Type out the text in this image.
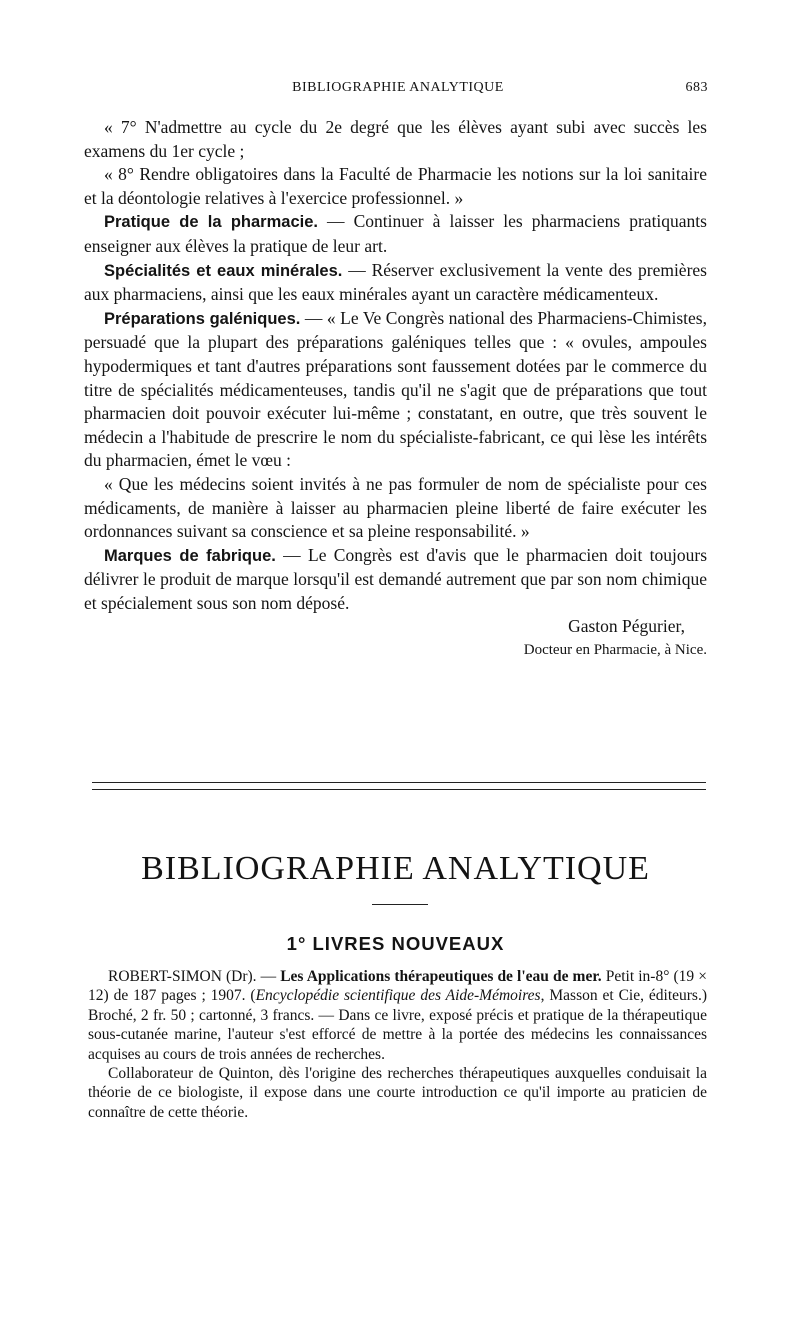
BIBLIOGRAPHIE ANALYTIQUE	683

« 7° N'admettre au cycle du 2e degré que les élèves ayant subi avec succès les examens du 1er cycle ;

« 8° Rendre obligatoires dans la Faculté de Pharmacie les notions sur la loi sanitaire et la déontologie relatives à l'exercice professionnel. »

Pratique de la pharmacie. — Continuer à laisser les pharmaciens pratiquants enseigner aux élèves la pratique de leur art.

Spécialités et eaux minérales. — Réserver exclusivement la vente des premières aux pharmaciens, ainsi que les eaux minérales ayant un caractère médicamenteux.

Préparations galéniques. — « Le Ve Congrès national des Pharmaciens-Chimistes, persuadé que la plupart des préparations galéniques telles que : « ovules, ampoules hypodermiques et tant d'autres préparations sont faussement dotées par le commerce du titre de spécialités médicamenteuses, tandis qu'il ne s'agit que de préparations que tout pharmacien doit pouvoir exécuter lui-même ; constatant, en outre, que très souvent le médecin a l'habitude de prescrire le nom du spécialiste-fabricant, ce qui lèse les intérêts du pharmacien, émet le vœu :

« Que les médecins soient invités à ne pas formuler de nom de spécialiste pour ces médicaments, de manière à laisser au pharmacien pleine liberté de faire exécuter les ordonnances suivant sa conscience et sa pleine responsabilité. »

Marques de fabrique. — Le Congrès est d'avis que le pharmacien doit toujours délivrer le produit de marque lorsqu'il est demandé autrement que par son nom chimique et spécialement sous son nom déposé.

Gaston Pégurier,
Docteur en Pharmacie, à Nice.
BIBLIOGRAPHIE ANALYTIQUE
1° LIVRES NOUVEAUX

ROBERT-SIMON (Dr). — Les Applications thérapeutiques de l'eau de mer. Petit in-8° (19 × 12) de 187 pages ; 1907. (Encyclopédie scientifique des Aide-Mémoires, Masson et Cie, éditeurs.) Broché, 2 fr. 50 ; cartonné, 3 francs. — Dans ce livre, exposé précis et pratique de la thérapeutique sous-cutanée marine, l'auteur s'est efforcé de mettre à la portée des médecins les connaissances acquises au cours de trois années de recherches.

Collaborateur de Quinton, dès l'origine des recherches thérapeutiques auxquelles conduisait la théorie de ce biologiste, il expose dans une courte introduction ce qu'il importe au praticien de connaître de cette théorie.
